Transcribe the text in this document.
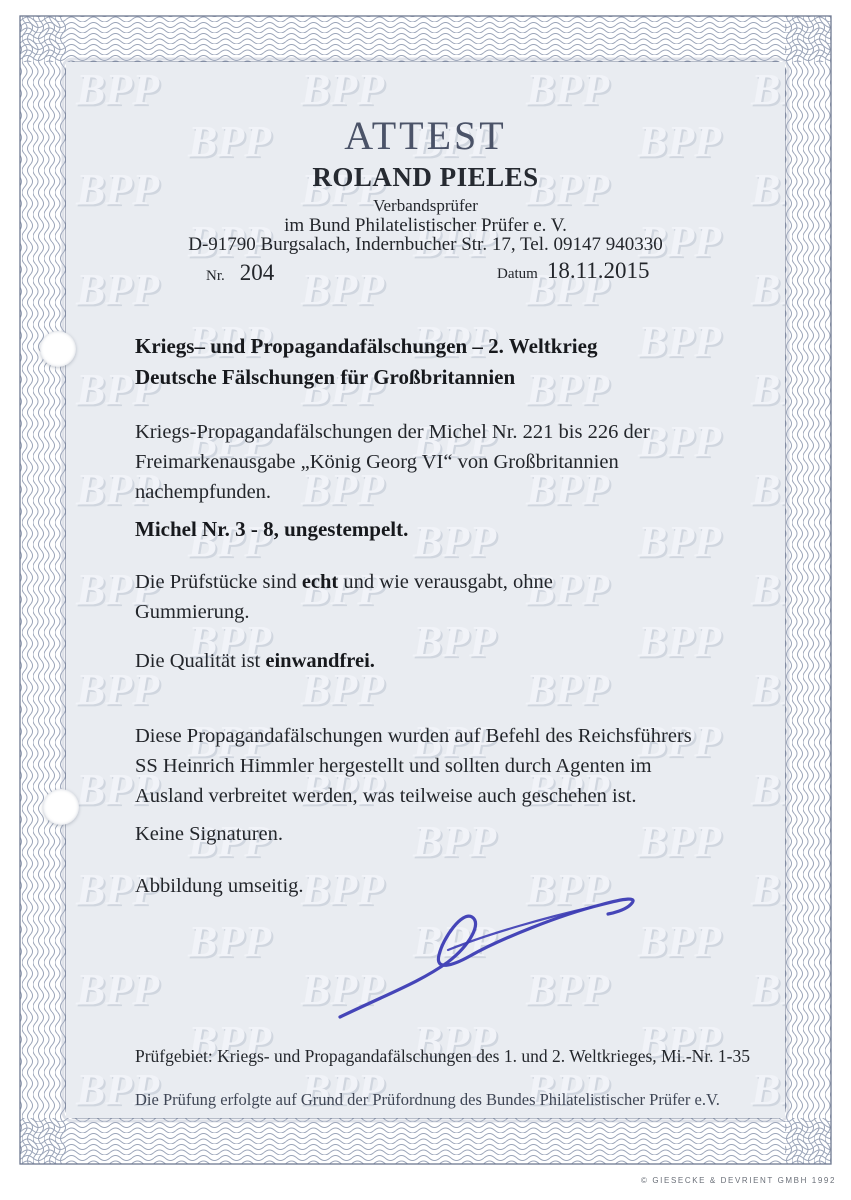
ATTEST
ROLAND PIELES
Verbandsprüfer
im Bund Philatelistischer Prüfer e. V.
D-91790 Burgsalach, Indernbucher Str. 17, Tel. 09147 940330
Nr. 204	Datum 18.11.2015
Kriegs– und Propagandafälschungen – 2. Weltkrieg
Deutsche Fälschungen für Großbritannien
Kriegs-Propagandafälschungen der Michel Nr. 221 bis 226 der
Freimarkenausgabe „König Georg VI“ von Großbritannien
nachempfunden.
Michel Nr. 3 - 8, ungestempelt.
Die Prüfstücke sind echt und wie verausgabt, ohne
Gummierung.
Die Qualität ist einwandfrei.
Diese Propagandafälschungen wurden auf Befehl des Reichsführers
SS Heinrich Himmler hergestellt und sollten durch Agenten im
Ausland verbreitet werden, was teilweise auch geschehen ist.
Keine Signaturen.
Abbildung umseitig.
Prüfgebiet: Kriegs- und Propagandafälschungen des 1. und 2. Weltkrieges, Mi.-Nr. 1-35
Die Prüfung erfolgte auf Grund der Prüfordnung des Bundes Philatelistischer Prüfer e.V.
© GIESECKE & DEVRIENT GMBH 1992
